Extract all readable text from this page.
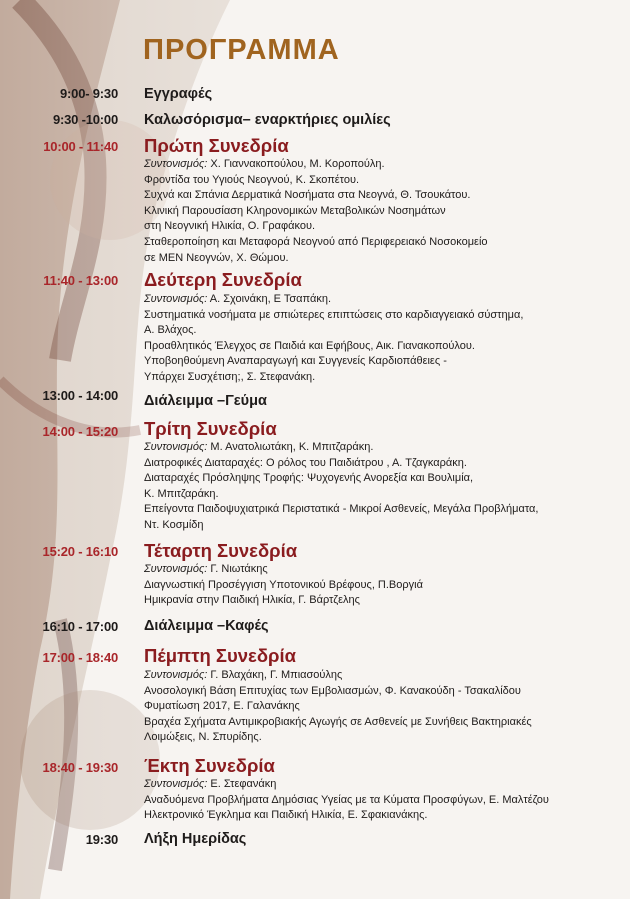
ΠΡΟΓΡΑΜΜΑ
9:00- 9:30 Εγγραφές
9:30 -10:00 Καλωσόρισμα– εναρκτήριες ομιλίες
10:00 - 11:40 Πρώτη Συνεδρία
Συντονισμός: Χ. Γιανναкοπούλου, Μ. Κοροπούλη.
Φροντίδα του Υγιούς Νεογνού, Κ. Σκοπέτου.
Συχνά και Σπάνια Δερματικά Νοσήματα στα Νεογνά, Θ. Τσουκάτου.
Κλινική Παρουσίαση Κληρονομικών Μεταβολικών Νοσημάτων
στη Νεογνική Ηλικία, Ο. Γραφάκου.
Σταθεροποίηση και Μεταφορά Νεογνού από Περιφερειακό Νοσοκομείο
σε ΜΕΝ Νεογνών, Χ. Θώμου.
11:40 - 13:00 Δεύτερη Συνεδρία
Συντονισμός: Α. Σχοινάκη, Ε Τσαπάκη.
Συστηματικά νοσήματα με σπιώτερες επιπτώσεις στο καρδιαγγειακό σύστημα,
Α. Βλάχος.
Προαθλητικός Έλεγχος σε Παιδιά και Εφήβους, Αικ. Γιανακοπούλου.
Υποβοηθούμενη Αναπαραγωγή και Συγγενείς Καρδιοπάθειες -
Υπάρχει Συσχέτιση;, Σ. Στεφανάκη.
13:00 - 14:00 Διάλειμμα –Γεύμα
14:00 - 15:20 Τρίτη Συνεδρία
Συντονισμός: Μ. Ανατολιωτάκη, Κ. Μπιτζαράκη.
Διατροφικές Διαταραχές: Ο ρόλος του Παιδιάτρου , Α. Τζαγκαράκη.
Διαταραχές Πρόσληψης Τροφής: Ψυχογενής Ανορεξία και Βουλιμία,
Κ. Μπιτζαράκη.
Επείγοντα Παιδοψυχιατρικά Περιστατικά - Μικροί Ασθενείς, Μεγάλα Προβλήματα,
Ντ. Κοσμίδη
15:20 - 16:10 Τέταρτη Συνεδρία
Συντονισμός: Γ. Νιωτάκης
Διαγνωστική Προσέγγιση Υποτονικού Βρέφους, Π.Βοργιά
Ημικρανία στην Παιδική Ηλικία, Γ. Βάρτζελης
16:10 - 17:00 Διάλειμμα –Καφές
17:00 - 18:40 Πέμπτη Συνεδρία
Συντονισμός: Γ. Βλαχάκη, Γ. Μπιασούλης
Ανοσολογική Βάση Επιτυχίας των Εμβολιασμών, Φ. Κανακούδη - Τσακαλίδου
Φυματίωση 2017, Ε. Γαλανάκης
Βραχέα Σχήματα Αντιμικροβιακής Αγωγής σε Ασθενείς με Συνήθεις Βακτηριακές
Λοιμώξεις, Ν. Σπυρίδης.
18:40 - 19:30 Έκτη Συνεδρία
Συντονισμός: Ε. Στεφανάκη
Αναδυόμενα Προβλήματα Δημόσιας Υγείας με τα Κύματα Προσφύγων, Ε. Μαλτέζου
Ηλεκτρονικό Έγκλημα και Παιδική Ηλικία, Ε. Σφακιανάκης.
19:30 Λήξη Ημερίδας
